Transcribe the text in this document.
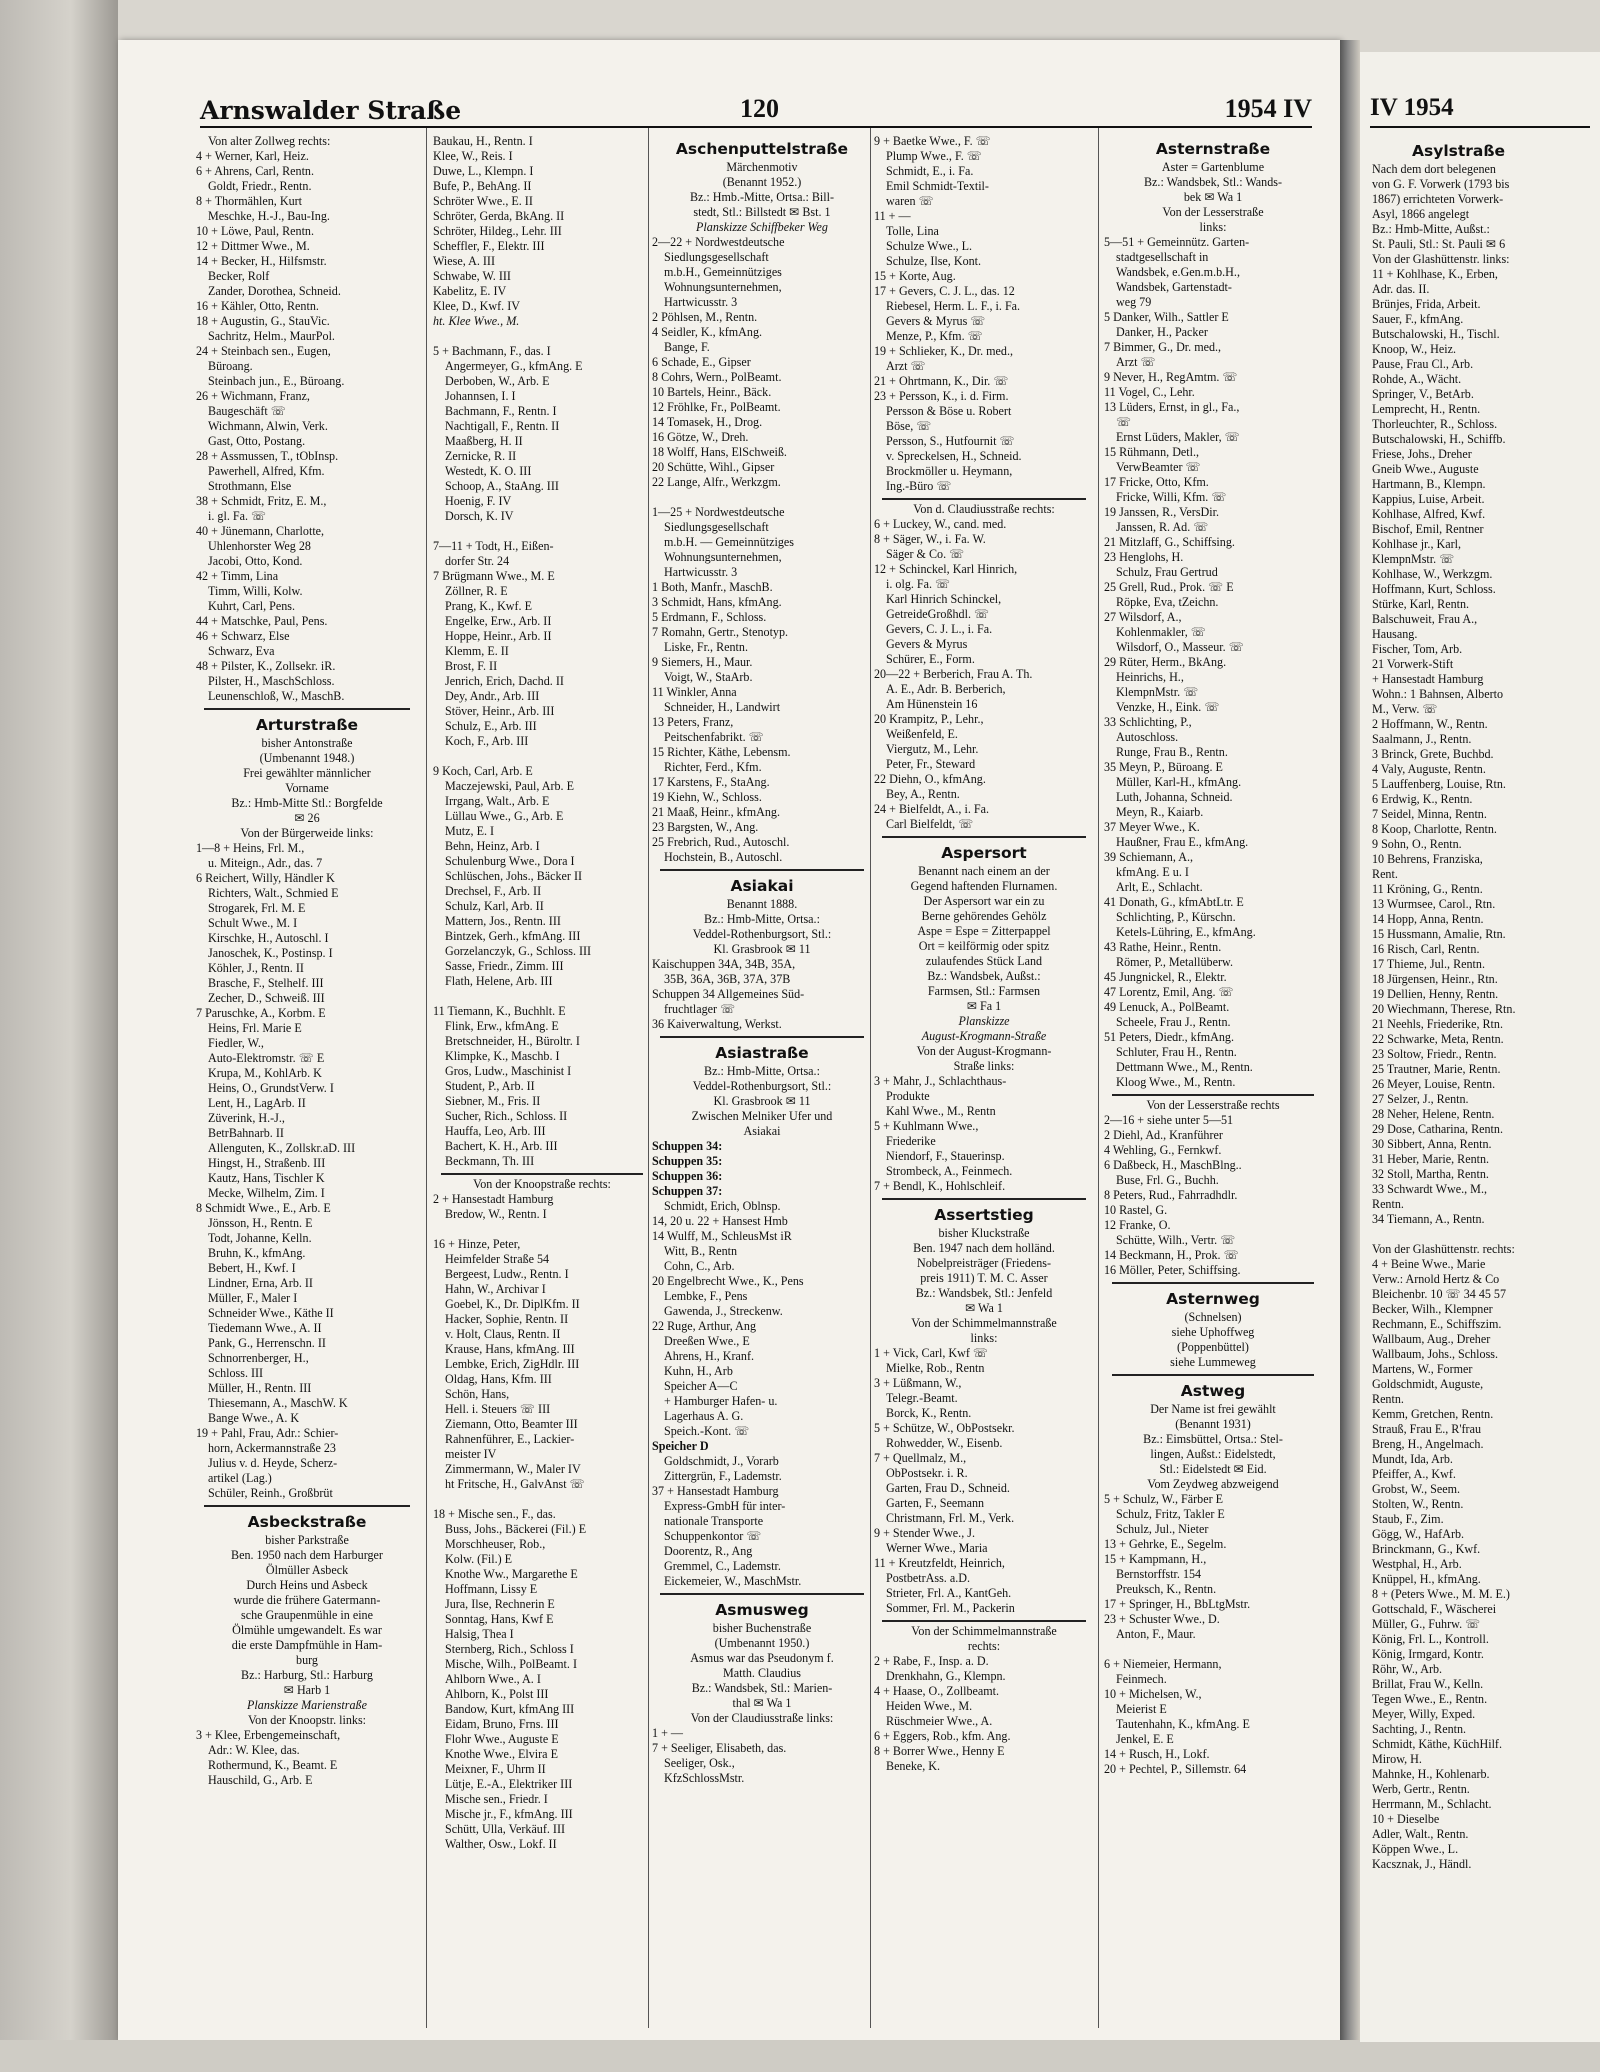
Arnswalder Straße	120	1954 IV
Von alter Zollweg rechts:
4 + Werner, Karl, Heiz.
6 + Ahrens, Carl, Rentn.
Goldt, Friedr., Rentn.
8 + Thormählen, Kurt
Meschke, H.-J., Bau-Ing.
10 + Löwe, Paul, Rentn.
12 + Dittmer Wwe., M.
14 + Becker, H., Hilfsmstr.
Becker, Rolf
Zander, Dorothea, Schneid.
16 + Kähler, Otto, Rentn.
18 + Augustin, G., StauVic.
Sachritz, Helm., MaurPol.
24 + Steinbach sen., Eugen,
Büroang.
Steinbach jun., E., Büroang.
26 + Wichmann, Franz,
Baugeschäft ☏
Wichmann, Alwin, Verk.
Gast, Otto, Postang.
28 + Assmussen, T., tObInsp.
Pawerhell, Alfred, Kfm.
Strothmann, Else
38 + Schmidt, Fritz, E. M.,
i. gl. Fa. ☏
40 + Jünemann, Charlotte,
Uhlenhorster Weg 28
Jacobi, Otto, Kond.
42 + Timm, Lina
Timm, Willi, Kolw.
Kuhrt, Carl, Pens.
44 + Matschke, Paul, Pens.
46 + Schwarz, Else
Schwarz, Eva
48 + Pilster, K., Zollsekr. iR.
Pilster, H., MaschSchloss.
Leunenschloß, W., MaschB.
Arturstraße
bisher Antonstraße
(Umbenannt 1948.)
Frei gewählter männlicher
Vorname
Bz.: Hmb-Mitte Stl.: Borgfelde
✉ 26
Von der Bürgerweide links:
1—8 + Heins, Frl. M.,
u. Miteign., Adr., das. 7
6 Reichert, Willy, Händler K
Richters, Walt., Schmied E
Strogarek, Frl. M. E
Schult Wwe., M. I
Kirschke, H., Autoschl. I
Janoschek, K., Postinsp. I
Köhler, J., Rentn. II
Brasche, F., Stelhelf. III
Zecher, D., Schweiß. III
7 Paruschke, A., Korbm. E
Heins, Frl. Marie E
Fiedler, W.,
Auto-Elektromstr. ☏ E
Krupa, M., KohlArb. K
Heins, O., GrundstVerw. I
Lent, H., LagArb. II
Züverink, H.-J.,
BetrBahnarb. II
Allenguten, K., Zollskr.aD. III
Hingst, H., Straßenb. III
Kautz, Hans, Tischler K
Mecke, Wilhelm, Zim. I
8 Schmidt Wwe., E., Arb. E
Jönsson, H., Rentn. E
Todt, Johanne, Kelln.
Bruhn, K., kfmAng.
Bebert, H., Kwf. I
Lindner, Erna, Arb. II
Müller, F., Maler I
Schneider Wwe., Käthe II
Tiedemann Wwe., A. II
Pank, G., Herrenschn. II
Schnorrenberger, H.,
Schloss. III
Müller, H., Rentn. III
Thiesemann, A., MaschW. K
Bange Wwe., A. K
19 + Pahl, Frau, Adr.: Schier-
horn, Ackermannstraße 23
Julius v. d. Heyde, Scherz-
artikel (Lag.)
Schüler, Reinh., Großbrüt
Asbeckstraße
bisher Parkstraße
Ben. 1950 nach dem Harburger
Ölmüller Asbeck
Durch Heins und Asbeck
wurde die frühere Gatermann-
sche Graupenmühle in eine
Ölmühle umgewandelt. Es war
die erste Dampfmühle in Ham-
burg
Bz.: Harburg, Stl.: Harburg
✉ Harb 1
Planskizze Marienstraße
Von der Knoopstr. links:
3 + Klee, Erbengemeinschaft,
Adr.: W. Klee, das.
Rothermund, K., Beamt. E
Hauschild, G., Arb. E
Baukau, H., Rentn. I
Klee, W., Reis. I
Duwe, L., Klempn. I
Bufe, P., BehAng. II
Schröter Wwe., E. II
Schröter, Gerda, BkAng. II
Schröter, Hildeg., Lehr. III
Scheffler, F., Elektr. III
Wiese, A. III
Schwabe, W. III
Kabelitz, E. IV
Klee, D., Kwf. IV
ht. Klee Wwe., M.

5 + Bachmann, F., das. I
Angermeyer, G., kfmAng. E
Derboben, W., Arb. E
Johannsen, I. I
Bachmann, F., Rentn. I
Nachtigall, F., Rentn. II
Maaßberg, H. II
Zernicke, R. II
Westedt, K. O. III
Schoop, A., StaAng. III
Hoenig, F. IV
Dorsch, K. IV

7—11 + Todt, H., Eißen-
dorfer Str. 24
7 Brügmann Wwe., M. E
Zöllner, R. E
Prang, K., Kwf. E
Engelke, Erw., Arb. II
Hoppe, Heinr., Arb. II
Klemm, E. II
Brost, F. II
Jenrich, Erich, Dachd. II
Dey, Andr., Arb. III
Stöver, Heinr., Arb. III
Schulz, E., Arb. III
Koch, F., Arb. III

9 Koch, Carl, Arb. E
Maczejewski, Paul, Arb. E
Irrgang, Walt., Arb. E
Lüllau Wwe., G., Arb. E
Mutz, E. I
Behn, Heinz, Arb. I
Schulenburg Wwe., Dora I
Schlüschen, Johs., Bäcker II
Drechsel, F., Arb. II
Schulz, Karl, Arb. II
Mattern, Jos., Rentn. III
Bintzek, Gerh., kfmAng. III
Gorzelanczyk, G., Schloss. III
Sasse, Friedr., Zimm. III
Flath, Helene, Arb. III

11 Tiemann, K., Buchhlt. E
Flink, Erw., kfmAng. E
Bretschneider, H., Büroltr. I
Klimpke, K., Maschb. I
Gros, Ludw., Maschinist I
Student, P., Arb. II
Siebner, M., Fris. II
Sucher, Rich., Schloss. II
Hauffa, Leo, Arb. III
Bachert, K. H., Arb. III
Beckmann, Th. III
Von der Knoopstraße rechts:
2 + Hansestadt Hamburg
Bredow, W., Rentn. I

16 + Hinze, Peter,
Heimfelder Straße 54
Bergeest, Ludw., Rentn. I
Hahn, W., Archivar I
Goebel, K., Dr. DiplKfm. II
Hacker, Sophie, Rentn. II
v. Holt, Claus, Rentn. II
Krause, Hans, kfmAng. III
Lembke, Erich, ZigHdlr. III
Oldag, Hans, Kfm. III
Schön, Hans,
Hell. i. Steuers ☏ III
Ziemann, Otto, Beamter III
Rahnenführer, E., Lackier-
meister IV
Zimmermann, W., Maler IV
ht Fritsche, H., GalvAnst ☏

18 + Mische sen., F., das.
Buss, Johs., Bäckerei (Fil.) E
Morschheuser, Rob.,
Kolw. (Fil.) E
Knothe Ww., Margarethe E
Hoffmann, Lissy E
Jura, Ilse, Rechnerin E
Sonntag, Hans, Kwf E
Halsig, Thea I
Sternberg, Rich., Schloss I
Mische, Wilh., PolBeamt. I
Ahlborn Wwe., A. I
Ahlborn, K., Polst III
Bandow, Kurt, kfmAng III
Eidam, Bruno, Frns. III
Flohr Wwe., Auguste E
Knothe Wwe., Elvira E
Meixner, F., Uhrm II
Lütje, E.-A., Elektriker III
Mische sen., Friedr. I
Mische jr., F., kfmAng. III
Schütt, Ulla, Verkäuf. III
Walther, Osw., Lokf. II
Aschenputtelstraße
Märchenmotiv
(Benannt 1952.)
Bz.: Hmb.-Mitte, Ortsa.: Bill-
stedt, Stl.: Billstedt ✉ Bst. 1
Planskizze Schiffbeker Weg
2—22 + Nordwestdeutsche
Siedlungsgesellschaft
m.b.H., Gemeinnütziges
Wohnungsunternehmen,
Hartwicusstr. 3
2 Pöhlsen, M., Rentn.
4 Seidler, K., kfmAng.
Bange, F.
6 Schade, E., Gipser
8 Cohrs, Wern., PolBeamt.
10 Bartels, Heinr., Bäck.
12 Fröhlke, Fr., PolBeamt.
14 Tomasek, H., Drog.
16 Götze, W., Dreh.
18 Wolff, Hans, ElSchweiß.
20 Schütte, Wihl., Gipser
22 Lange, Alfr., Werkzgm.

1—25 + Nordwestdeutsche
Siedlungsgesellschaft
m.b.H. — Gemeinnütziges
Wohnungsunternehmen,
Hartwicusstr. 3
1 Both, Manfr., MaschB.
3 Schmidt, Hans, kfmAng.
5 Erdmann, F., Schloss.
7 Romahn, Gertr., Stenotyp.
Liske, Fr., Rentn.
9 Siemers, H., Maur.
Voigt, W., StaArb.
11 Winkler, Anna
Schneider, H., Landwirt
13 Peters, Franz,
Peitschenfabrikt. ☏
15 Richter, Käthe, Lebensm.
Richter, Ferd., Kfm.
17 Karstens, F., StaAng.
19 Kiehn, W., Schloss.
21 Maaß, Heinr., kfmAng.
23 Bargsten, W., Ang.
25 Frebrich, Rud., Autoschl.
Hochstein, B., Autoschl.
Asiakai
Benannt 1888.
Bz.: Hmb-Mitte, Ortsa.:
Veddel-Rothenburgsort, Stl.:
Kl. Grasbrook ✉ 11
Kaischuppen 34A, 34B, 35A,
35B, 36A, 36B, 37A, 37B
Schuppen 34 Allgemeines Süd-
fruchtlager ☏
36 Kaiverwaltung, Werkst.
Asiastraße
Bz.: Hmb-Mitte, Ortsa.:
Veddel-Rothenburgsort, Stl.:
Kl. Grasbrook ✉ 11
Zwischen Melniker Ufer und
Asiakai
Schuppen 34:
Schuppen 35:
Schuppen 36:
Schuppen 37:
Schmidt, Erich, Oblnsp.
14, 20 u. 22 + Hansest Hmb
14 Wulff, M., SchleusMst iR
Witt, B., Rentn
Cohn, C., Arb.
20 Engelbrecht Wwe., K., Pens
Lembke, F., Pens
Gawenda, J., Streckenw.
22 Ruge, Arthur, Ang
Dreeßen Wwe., E
Ahrens, H., Kranf.
Kuhn, H., Arb
Speicher A—C
+ Hamburger Hafen- u.
Lagerhaus A. G.
Speich.-Kont. ☏
Speicher D
Goldschmidt, J., Vorarb
Zittergrün, F., Lademstr.
37 + Hansestadt Hamburg
Express-GmbH für inter-
nationale Transporte
Schuppenkontor ☏
Doorentz, R., Ang
Gremmel, C., Lademstr.
Eickemeier, W., MaschMstr.
Asmusweg
bisher Buchenstraße
(Umbenannt 1950.)
Asmus war das Pseudonym f.
Matth. Claudius
Bz.: Wandsbek, Stl.: Marien-
thal ✉ Wa 1
Von der Claudiusstraße links:
1 + —
7 + Seeliger, Elisabeth, das.
Seeliger, Osk.,
KfzSchlossMstr.
9 + Baetke Wwe., F. ☏
Plump Wwe., F. ☏
Schmidt, E., i. Fa.
Emil Schmidt-Textil-
waren ☏
11 + —
Tolle, Lina
Schulze Wwe., L.
Schulze, Ilse, Kont.
15 + Korte, Aug.
17 + Gevers, C. J. L., das. 12
Riebesel, Herm. L. F., i. Fa.
Gevers & Myrus ☏
Menze, P., Kfm. ☏
19 + Schlieker, K., Dr. med.,
Arzt ☏
21 + Ohrtmann, K., Dir. ☏
23 + Persson, K., i. d. Firm.
Persson & Böse u. Robert
Böse, ☏
Persson, S., Hutfournit ☏
v. Spreckelsen, H., Schneid.
Brockmöller u. Heymann,
Ing.-Büro ☏
Von d. Claudiusstraße rechts:
6 + Luckey, W., cand. med.
8 + Säger, W., i. Fa. W.
Säger & Co. ☏
12 + Schinckel, Karl Hinrich,
i. olg. Fa. ☏
Karl Hinrich Schinckel,
GetreideGroßhdl. ☏
Gevers, C. J. L., i. Fa.
Gevers & Myrus
Schürer, E., Form.
20—22 + Berberich, Frau A. Th.
A. E., Adr. B. Berberich,
Am Hünenstein 16
20 Krampitz, P., Lehr.,
Weißenfeld, E.
Viergutz, M., Lehr.
Peter, Fr., Steward
22 Diehn, O., kfmAng.
Bey, A., Rentn.
24 + Bielfeldt, A., i. Fa.
Carl Bielfeldt, ☏
Aspersort
Benannt nach einem an der
Gegend haftenden Flurnamen.
Der Aspersort war ein zu
Berne gehörendes Gehölz
Aspe = Espe = Zitterpappel
Ort = keilförmig oder spitz
zulaufendes Stück Land
Bz.: Wandsbek, Außst.:
Farmsen, Stl.: Farmsen
✉ Fa 1
Planskizze
August-Krogmann-Straße
Von der August-Krogmann-
Straße links:
3 + Mahr, J., Schlachthaus-
Produkte
Kahl Wwe., M., Rentn
5 + Kuhlmann Wwe.,
Friederike
Niendorf, F., Stauerinsp.
Strombeck, A., Feinmech.
7 + Bendl, K., Hohlschleif.
Assertstieg
bisher Kluckstraße
Ben. 1947 nach dem holländ.
Nobelpreisträger (Friedens-
preis 1911) T. M. C. Asser
Bz.: Wandsbek, Stl.: Jenfeld
✉ Wa 1
Von der Schimmelmannstraße
links:
1 + Vick, Carl, Kwf ☏
Mielke, Rob., Rentn
3 + Lüßmann, W.,
Telegr.-Beamt.
Borck, K., Rentn.
5 + Schütze, W., ObPostsekr.
Rohwedder, W., Eisenb.
7 + Quellmalz, M.,
ObPostsekr. i. R.
Garten, Frau D., Schneid.
Garten, F., Seemann
Christmann, Frl. M., Verk.
9 + Stender Wwe., J.
Werner Wwe., Maria
11 + Kreutzfeldt, Heinrich,
PostbetrAss. a.D.
Strieter, Frl. A., KantGeh.
Sommer, Frl. M., Packerin
Von der Schimmelmannstraße
rechts:
2 + Rabe, F., Insp. a. D.
Drenkhahn, G., Klempn.
4 + Haase, O., Zollbeamt.
Heiden Wwe., M.
Rüschmeier Wwe., A.
6 + Eggers, Rob., kfm. Ang.
8 + Borrer Wwe., Henny E
Beneke, K.
Asternstraße
Aster = Gartenblume
Bz.: Wandsbek, Stl.: Wands-
bek ✉ Wa 1
Von der Lesserstraße
links:
5—51 + Gemeinnütz. Garten-
stadtgesellschaft in
Wandsbek, e.Gen.m.b.H.,
Wandsbek, Gartenstadt-
weg 79
5 Danker, Wilh., Sattler E
Danker, H., Packer
7 Bimmer, G., Dr. med.,
Arzt ☏
9 Never, H., RegAmtm. ☏
11 Vogel, C., Lehr.
13 Lüders, Ernst, in gl., Fa.,
☏
Ernst Lüders, Makler, ☏
15 Rühmann, Detl.,
VerwBeamter ☏
17 Fricke, Otto, Kfm.
Fricke, Willi, Kfm. ☏
19 Janssen, R., VersDir.
Janssen, R. Ad. ☏
21 Mitzlaff, G., Schiffsing.
23 Henglohs, H.
Schulz, Frau Gertrud
25 Grell, Rud., Prok. ☏ E
Röpke, Eva, tZeichn.
27 Wilsdorf, A.,
Kohlenmakler, ☏
Wilsdorf, O., Masseur. ☏
29 Rüter, Herm., BkAng.
Heinrichs, H.,
KlempnMstr. ☏
Venzke, H., Eink. ☏
33 Schlichting, P.,
Autoschloss.
Runge, Frau B., Rentn.
35 Meyn, P., Büroang. E
Müller, Karl-H., kfmAng.
Luth, Johanna, Schneid.
Meyn, R., Kaiarb.
37 Meyer Wwe., K.
Haußner, Frau E., kfmAng.
39 Schiemann, A.,
kfmAng. E u. I
Arlt, E., Schlacht.
41 Donath, G., kfmAbtLtr. E
Schlichting, P., Kürschn.
Ketels-Lühring, E., kfmAng.
43 Rathe, Heinr., Rentn.
Römer, P., Metallüberw.
45 Jungnickel, R., Elektr.
47 Lorentz, Emil, Ang. ☏
49 Lenuck, A., PolBeamt.
Scheele, Frau J., Rentn.
51 Peters, Diedr., kfmAng.
Schluter, Frau H., Rentn.
Dettmann Wwe., M., Rentn.
Kloog Wwe., M., Rentn.
Von der Lesserstraße rechts
2—16 + siehe unter 5—51
2 Diehl, Ad., Kranführer
4 Wehling, G., Fernkwf.
6 Daßbeck, H., MaschBlng..
Buse, Frl. G., Buchh.
8 Peters, Rud., Fahrradhdlr.
10 Rastel, G.
12 Franke, O.
Schütte, Wilh., Vertr. ☏
14 Beckmann, H., Prok. ☏
16 Möller, Peter, Schiffsing.
Asternweg
(Schnelsen)
siehe Uphoffweg
(Poppenbüttel)
siehe Lummeweg
Astweg
Der Name ist frei gewählt
(Benannt 1931)
Bz.: Eimsbüttel, Ortsa.: Stel-
lingen, Außst.: Eidelstedt,
Stl.: Eidelstedt ✉ Eid.
Vom Zeydweg abzweigend
5 + Schulz, W., Färber E
Schulz, Fritz, Takler E
Schulz, Jul., Nieter
13 + Gehrke, E., Segelm.
15 + Kampmann, H.,
Bernstorffstr. 154
Preuksch, K., Rentn.
17 + Springer, H., BbLtgMstr.
23 + Schuster Wwe., D.
Anton, F., Maur.

6 + Niemeier, Hermann,
Feinmech.
10 + Michelsen, W.,
Meierist E
Tautenhahn, K., kfmAng. E
Jenkel, E. E
14 + Rusch, H., Lokf.
20 + Pechtel, P., Sillemstr. 64
IV 1954
Asylstraße
Nach dem dort belegenen
von G. F. Vorwerk (1793 bis
1867) errichteten Vorwerk-
Asyl, 1866 angelegt
Bz.: Hmb-Mitte, Außst.:
St. Pauli, Stl.: St. Pauli ✉ 6
Von der Glashüttenstr. links:
11 + Kohlhase, K., Erben,
Adr. das. II.
Brünjes, Frida, Arbeit.
Sauer, F., kfmAng.
Butschalowski, H., Tischl.
Knoop, W., Heiz.
Pause, Frau Cl., Arb.
Rohde, A., Wächt.
Springer, V., BetArb.
Lemprecht, H., Rentn.
Thorleuchter, R., Schloss.
Butschalowski, H., Schiffb.
Friese, Johs., Dreher
Gneib Wwe., Auguste
Hartmann, B., Klempn.
Kappius, Luise, Arbeit.
Kohlhase, Alfred, Kwf.
Bischof, Emil, Rentner
Kohlhase jr., Karl,
KlempnMstr. ☏
Kohlhase, W., Werkzgm.
Hoffmann, Kurt, Schloss.
Stürke, Karl, Rentn.
Balschuweit, Frau A.,
Hausang.
Fischer, Tom, Arb.
21 Vorwerk-Stift
+ Hansestadt Hamburg
Wohn.: 1 Bahnsen, Alberto
M., Verw. ☏
2 Hoffmann, W., Rentn.
Saalmann, J., Rentn.
3 Brinck, Grete, Buchbd.
4 Valy, Auguste, Rentn.
5 Lauffenberg, Louise, Rtn.
6 Erdwig, K., Rentn.
7 Seidel, Minna, Rentn.
8 Koop, Charlotte, Rentn.
9 Sohn, O., Rentn.
10 Behrens, Franziska,
Rent.
11 Kröning, G., Rentn.
13 Wurmsee, Carol., Rtn.
14 Hopp, Anna, Rentn.
15 Hussmann, Amalie, Rtn.
16 Risch, Carl, Rentn.
17 Thieme, Jul., Rentn.
18 Jürgensen, Heinr., Rtn.
19 Dellien, Henny, Rentn.
20 Wiechmann, Therese, Rtn.
21 Neehls, Friederike, Rtn.
22 Schwarke, Meta, Rentn.
23 Soltow, Friedr., Rentn.
25 Trautner, Marie, Rentn.
26 Meyer, Louise, Rentn.
27 Selzer, J., Rentn.
28 Neher, Helene, Rentn.
29 Dose, Catharina, Rentn.
30 Sibbert, Anna, Rentn.
31 Heber, Marie, Rentn.
32 Stoll, Martha, Rentn.
33 Schwardt Wwe., M.,
Rentn.
34 Tiemann, A., Rentn.

Von der Glashüttenstr. rechts:
4 + Beine Wwe., Marie
Verw.: Arnold Hertz & Co
Bleichenbr. 10 ☏ 34 45 57
Becker, Wilh., Klempner
Rechmann, E., Schiffszim.
Wallbaum, Aug., Dreher
Wallbaum, Johs., Schloss.
Martens, W., Former
Goldschmidt, Auguste,
Rentn.
Kemm, Gretchen, Rentn.
Strauß, Frau E., R'frau
Breng, H., Angelmach.
Mundt, Ida, Arb.
Pfeiffer, A., Kwf.
Grobst, W., Seem.
Stolten, W., Rentn.
Staub, F., Zim.
Gögg, W., HafArb.
Brinckmann, G., Kwf.
Westphal, H., Arb.
Knüppel, H., kfmAng.
8 + (Peters Wwe., M. M. E.)
Gottschald, F., Wäscherei
Müller, G., Fuhrw. ☏
König, Frl. L., Kontroll.
König, Irmgard, Kontr.
Röhr, W., Arb.
Brillat, Frau W., Kelln.
Tegen Wwe., E., Rentn.
Meyer, Willy, Exped.
Sachting, J., Rentn.
Schmidt, Käthe, KüchHilf.
Mirow, H.
Mahnke, H., Kohlenarb.
Werb, Gertr., Rentn.
Herrmann, M., Schlacht.
10 + Dieselbe
Adler, Walt., Rentn.
Köppen Wwe., L.
Kacsznak, J., Händl.
